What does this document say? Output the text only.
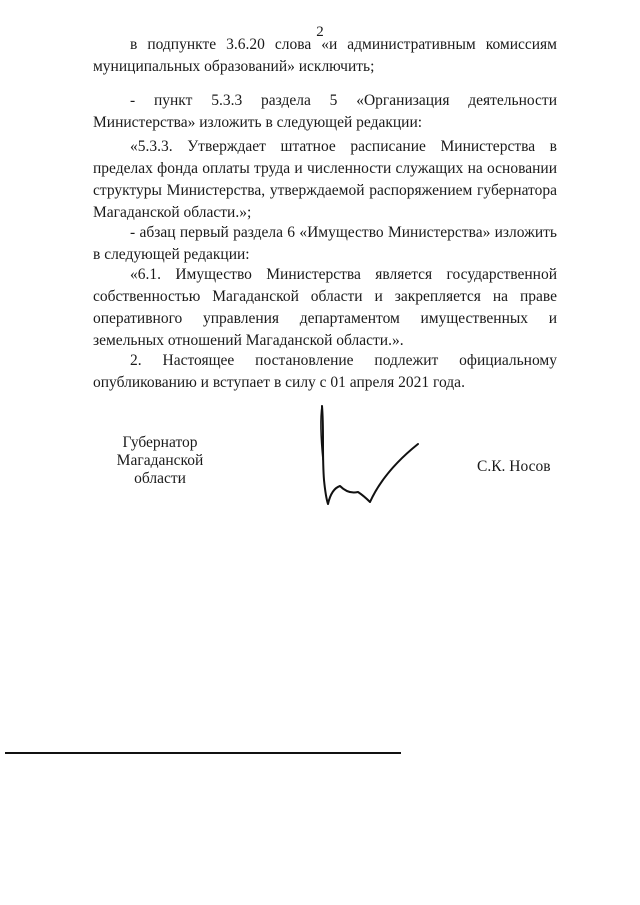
2

в подпункте 3.6.20 слова «и административным комиссиям муниципальных образований» исключить;

- пункт 5.3.3 раздела 5 «Организация деятельности Министерства» изложить в следующей редакции:

«5.3.3. Утверждает штатное расписание Министерства в пределах фонда оплаты труда и численности служащих на основании структуры Министерства, утверждаемой распоряжением губернатора Магаданской области.»;

- абзац первый раздела 6 «Имущество Министерства» изложить в следующей редакции:

«6.1. Имущество Министерства является государственной собственностью Магаданской области и закрепляется на праве оперативного управления департаментом имущественных и земельных отношений Магаданской области.».

2. Настоящее постановление подлежит официальному опубликованию и вступает в силу с 01 апреля 2021 года.

Губернатор
Магаданской области
С.К. Носов
